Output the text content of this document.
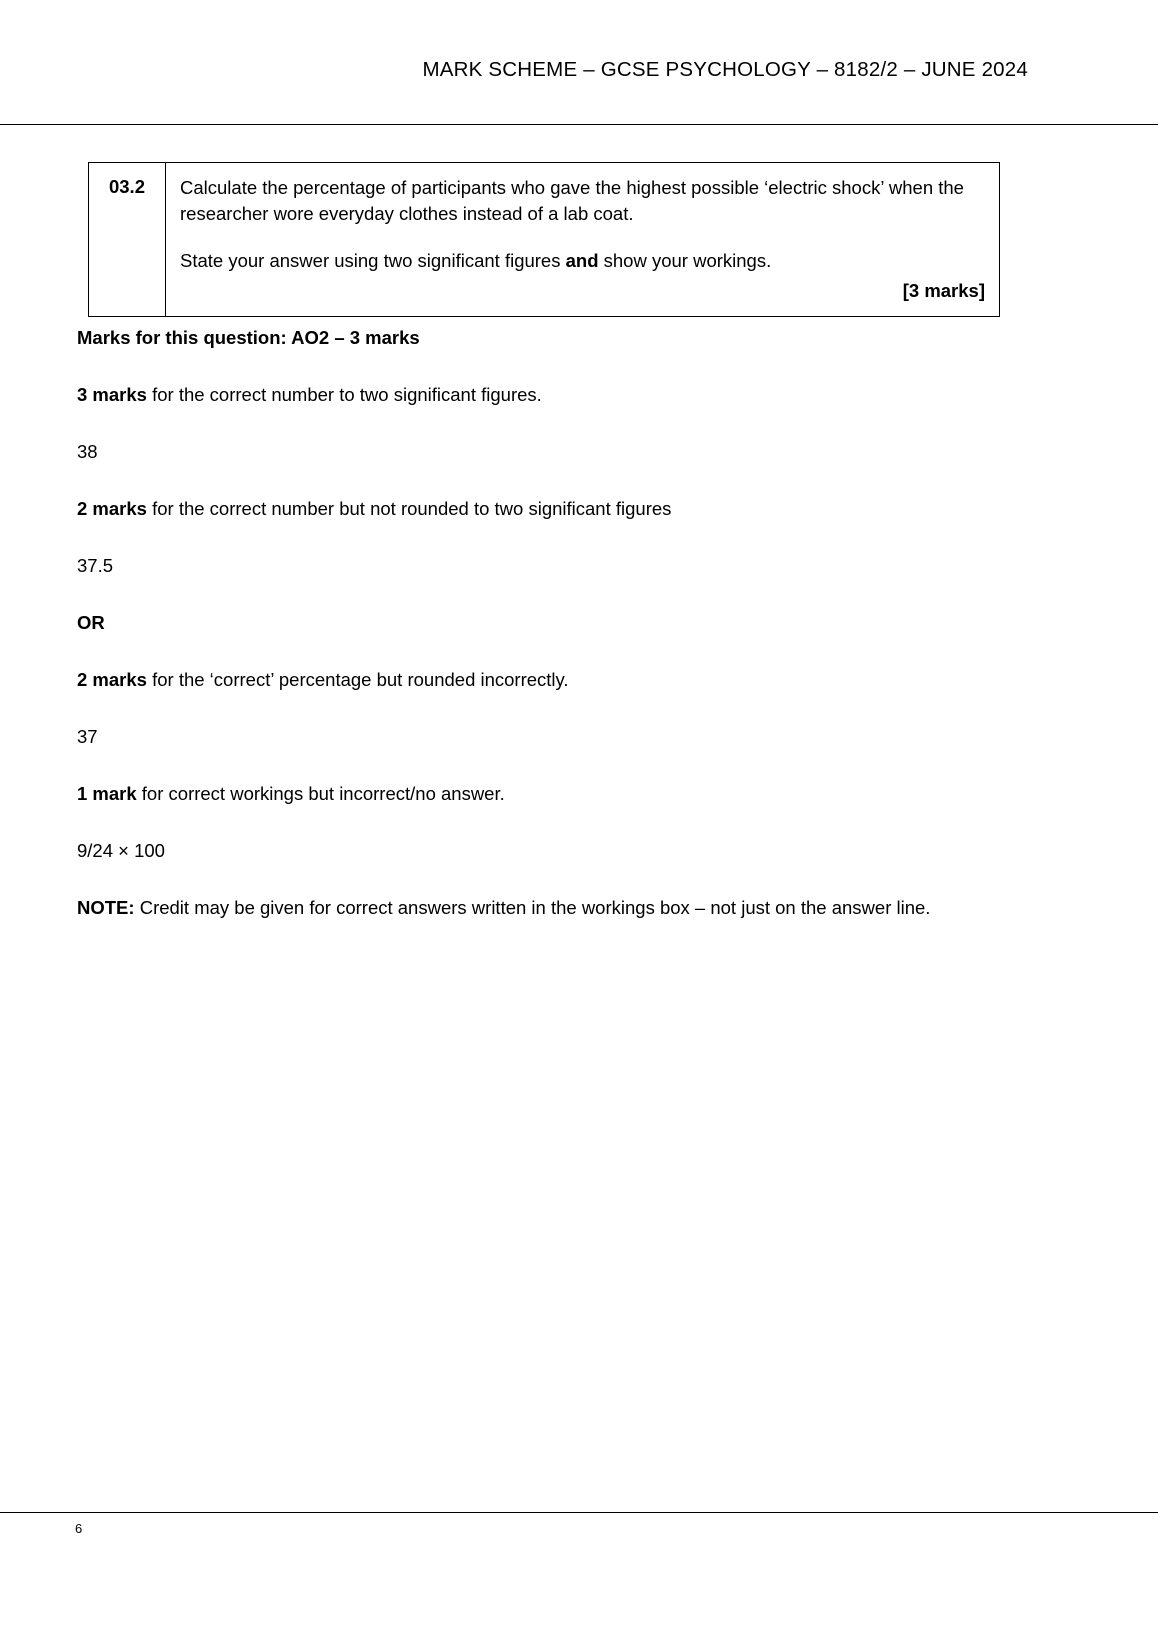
MARK SCHEME – GCSE PSYCHOLOGY – 8182/2 – JUNE 2024
03.2	Calculate the percentage of participants who gave the highest possible ‘electric shock’ when the researcher wore everyday clothes instead of a lab coat.

State your answer using two significant figures and show your workings.

[3 marks]

Marks for this question: AO2 – 3 marks

3 marks for the correct number to two significant figures.

38

2 marks for the correct number but not rounded to two significant figures

37.5

OR

2 marks for the ‘correct’ percentage but rounded incorrectly.

37

1 mark for correct workings but incorrect/no answer.

9/24 × 100

NOTE: Credit may be given for correct answers written in the workings box – not just on the answer line.

6
